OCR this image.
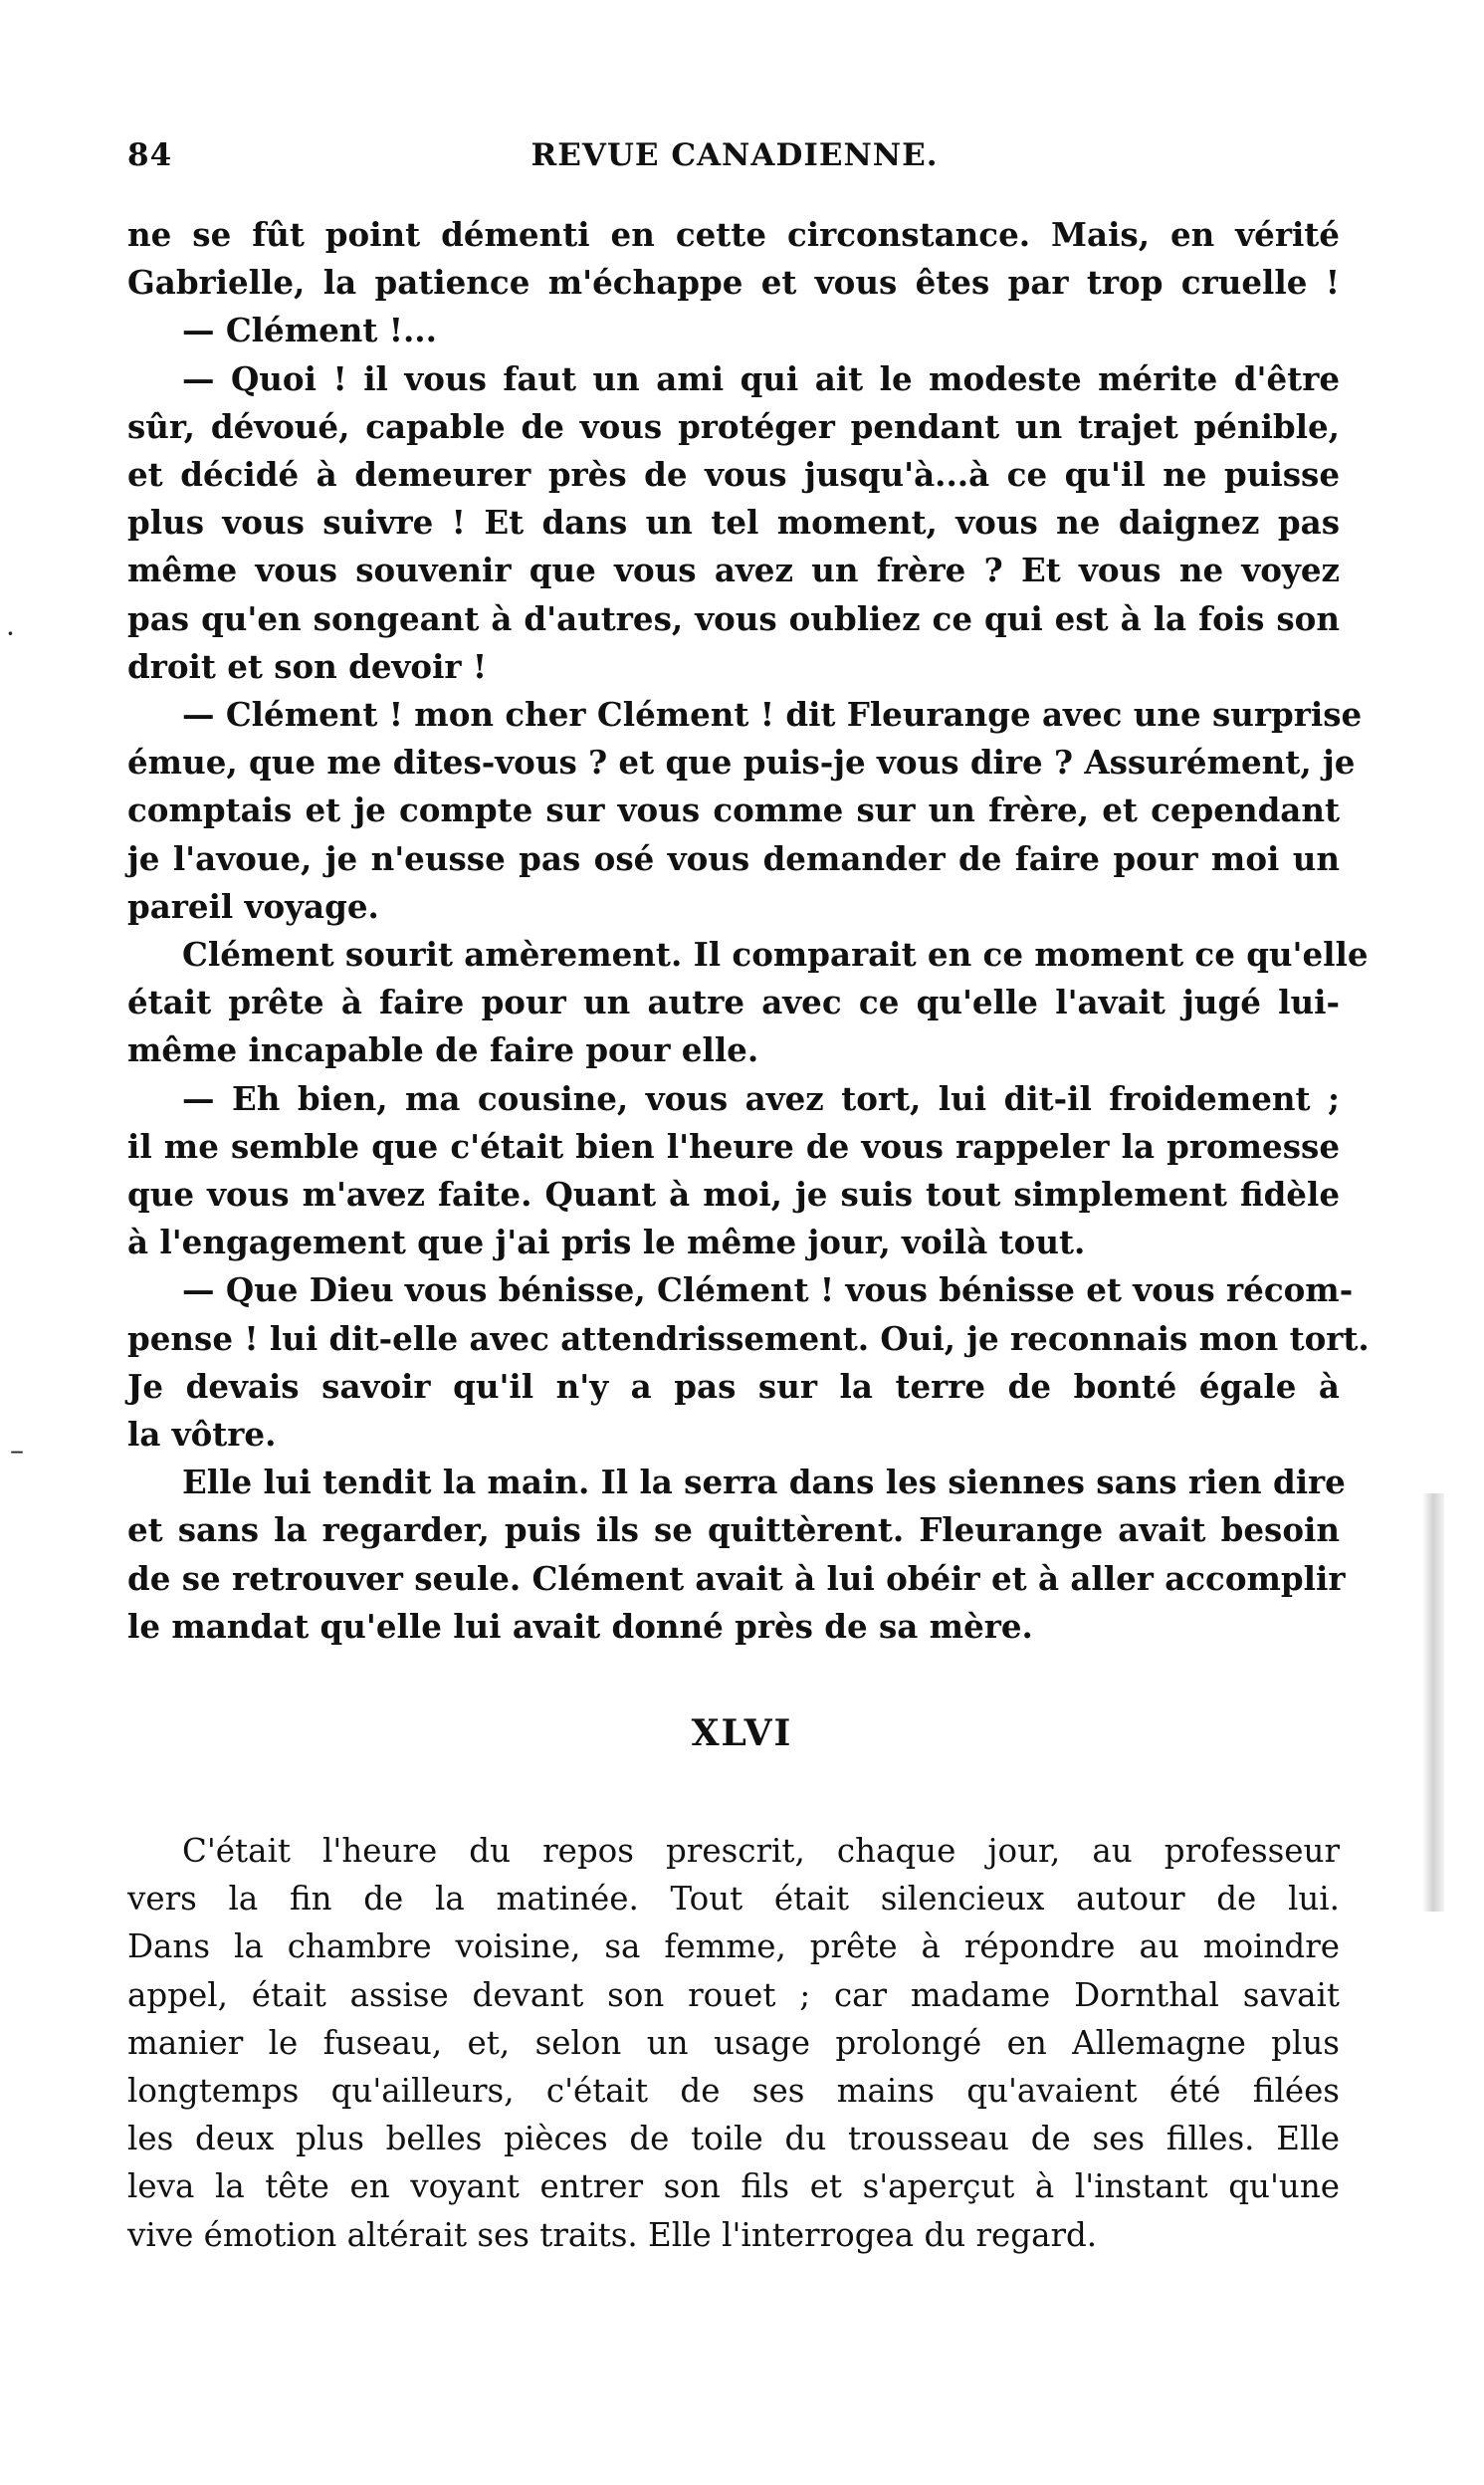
84	REVUE CANADIENNE.
ne se fût point démenti en cette circonstance. Mais, en vérité
Gabrielle, la patience m'échappe et vous êtes par trop cruelle !
— Clément !...
— Quoi ! il vous faut un ami qui ait le modeste mérite d'être
sûr, dévoué, capable de vous protéger pendant un trajet pénible,
et décidé à demeurer près de vous jusqu'à...à ce qu'il ne puisse
plus vous suivre ! Et dans un tel moment, vous ne daignez pas
même vous souvenir que vous avez un frère ? Et vous ne voyez
pas qu'en songeant à d'autres, vous oubliez ce qui est à la fois son
droit et son devoir !
— Clément ! mon cher Clément ! dit Fleurange avec une surprise
émue, que me dites-vous ? et que puis-je vous dire ? Assurément, je
comptais et je compte sur vous comme sur un frère, et cependant
je l'avoue, je n'eusse pas osé vous demander de faire pour moi un
pareil voyage.
Clément sourit amèrement. Il comparait en ce moment ce qu'elle
était prête à faire pour un autre avec ce qu'elle l'avait jugé lui-
même incapable de faire pour elle.
— Eh bien, ma cousine, vous avez tort, lui dit-il froidement ;
il me semble que c'était bien l'heure de vous rappeler la promesse
que vous m'avez faite. Quant à moi, je suis tout simplement fidèle
à l'engagement que j'ai pris le même jour, voilà tout.
— Que Dieu vous bénisse, Clément ! vous bénisse et vous récom-
pense ! lui dit-elle avec attendrissement. Oui, je reconnais mon tort.
Je devais savoir qu'il n'y a pas sur la terre de bonté égale à
la vôtre.
Elle lui tendit la main. Il la serra dans les siennes sans rien dire
et sans la regarder, puis ils se quittèrent. Fleurange avait besoin
de se retrouver seule. Clément avait à lui obéir et à aller accomplir
le mandat qu'elle lui avait donné près de sa mère.
XLVI
C'était l'heure du repos prescrit, chaque jour, au professeur
vers la fin de la matinée. Tout était silencieux autour de lui.
Dans la chambre voisine, sa femme, prête à répondre au moindre
appel, était assise devant son rouet ; car madame Dornthal savait
manier le fuseau, et, selon un usage prolongé en Allemagne plus
longtemps qu'ailleurs, c'était de ses mains qu'avaient été filées
les deux plus belles pièces de toile du trousseau de ses filles. Elle
leva la tête en voyant entrer son fils et s'aperçut à l'instant qu'une
vive émotion altérait ses traits. Elle l'interrogea du regard.
·
–
